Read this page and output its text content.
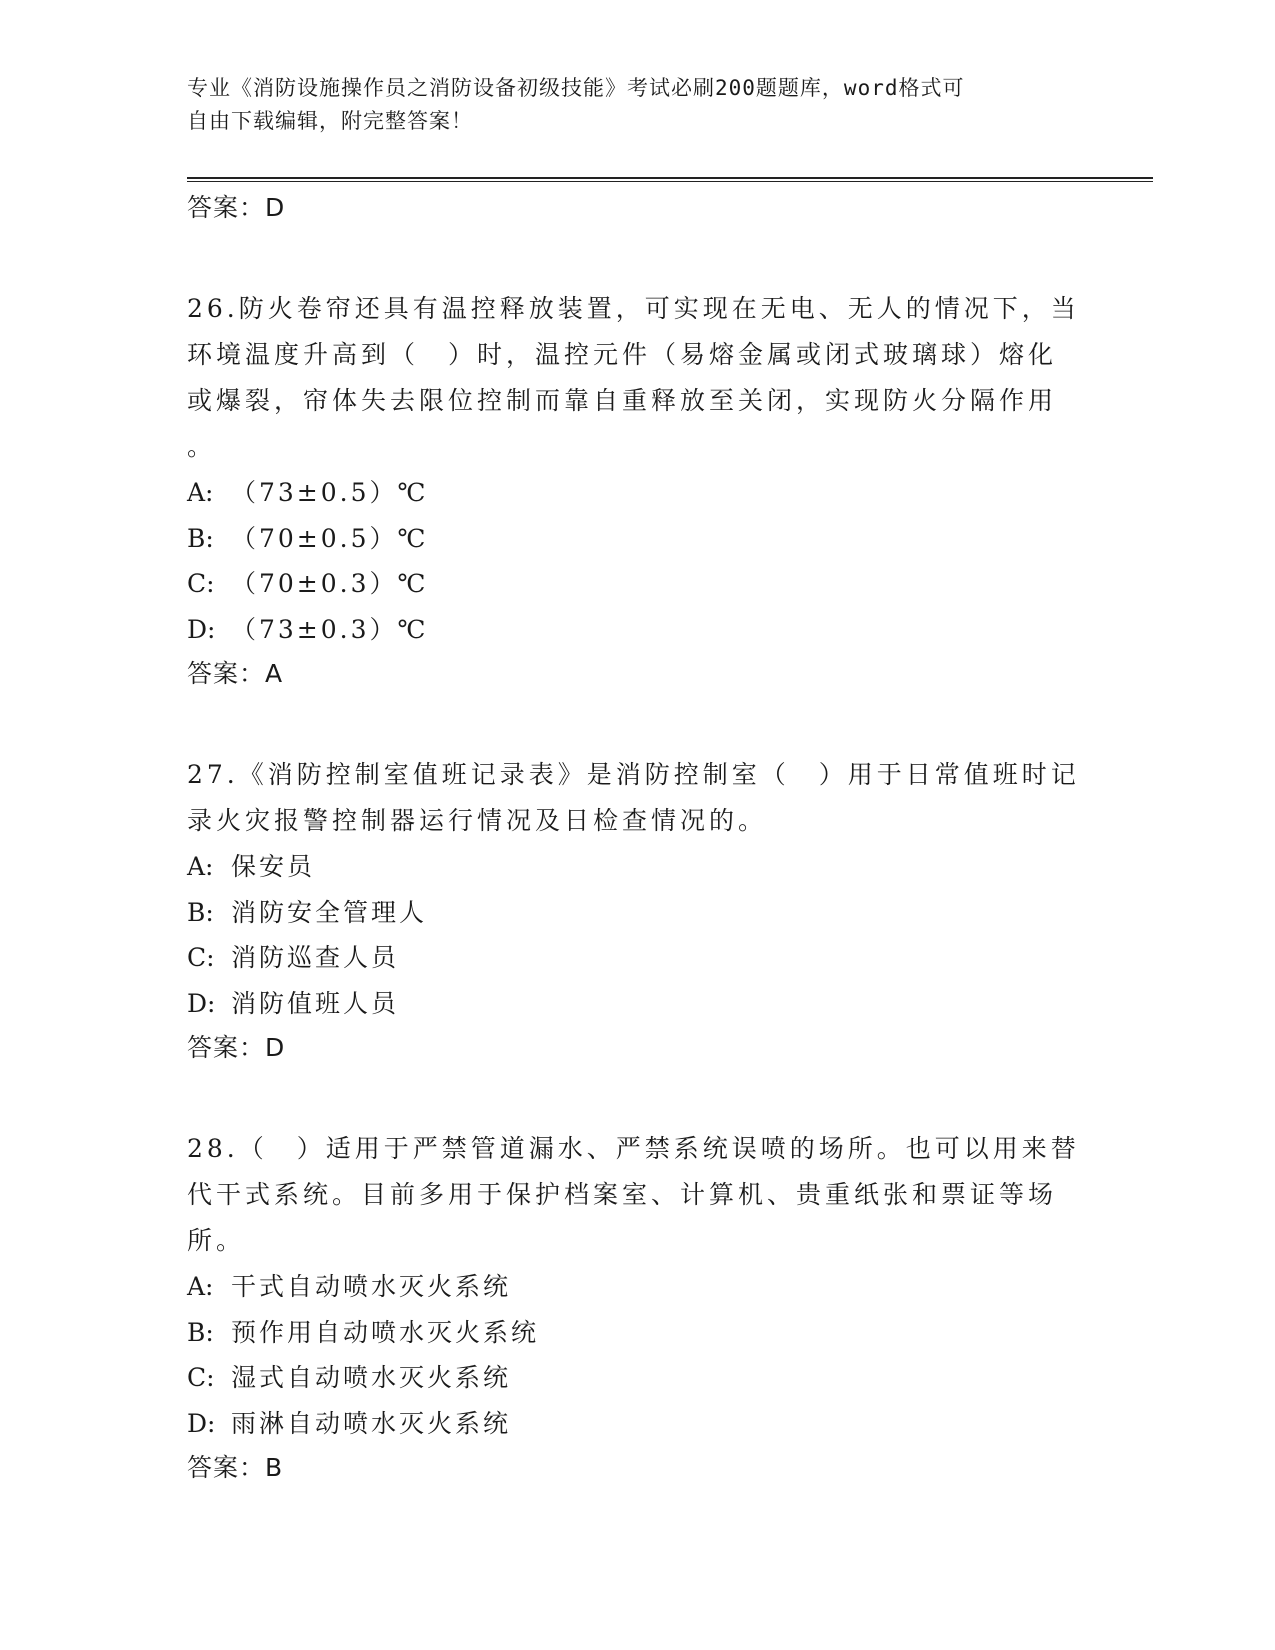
专业《消防设施操作员之消防设备初级技能》考试必刷200题题库，word格式可
自由下载编辑，附完整答案！
答案：D
26.防火卷帘还具有温控释放装置，可实现在无电、无人的情况下，当
环境温度升高到（　）时，温控元件（易熔金属或闭式玻璃球）熔化
或爆裂，帘体失去限位控制而靠自重释放至关闭，实现防火分隔作用
。
A: （73±0.5）℃
B: （70±0.5）℃
C: （70±0.3）℃
D: （73±0.3）℃
答案：A
27.《消防控制室值班记录表》是消防控制室（　）用于日常值班时记
录火灾报警控制器运行情况及日检查情况的。
A: 保安员
B: 消防安全管理人
C: 消防巡查人员
D: 消防值班人员
答案：D
28.（　）适用于严禁管道漏水、严禁系统误喷的场所。也可以用来替
代干式系统。目前多用于保护档案室、计算机、贵重纸张和票证等场
所。
A: 干式自动喷水灭火系统
B: 预作用自动喷水灭火系统
C: 湿式自动喷水灭火系统
D: 雨淋自动喷水灭火系统
答案：B
